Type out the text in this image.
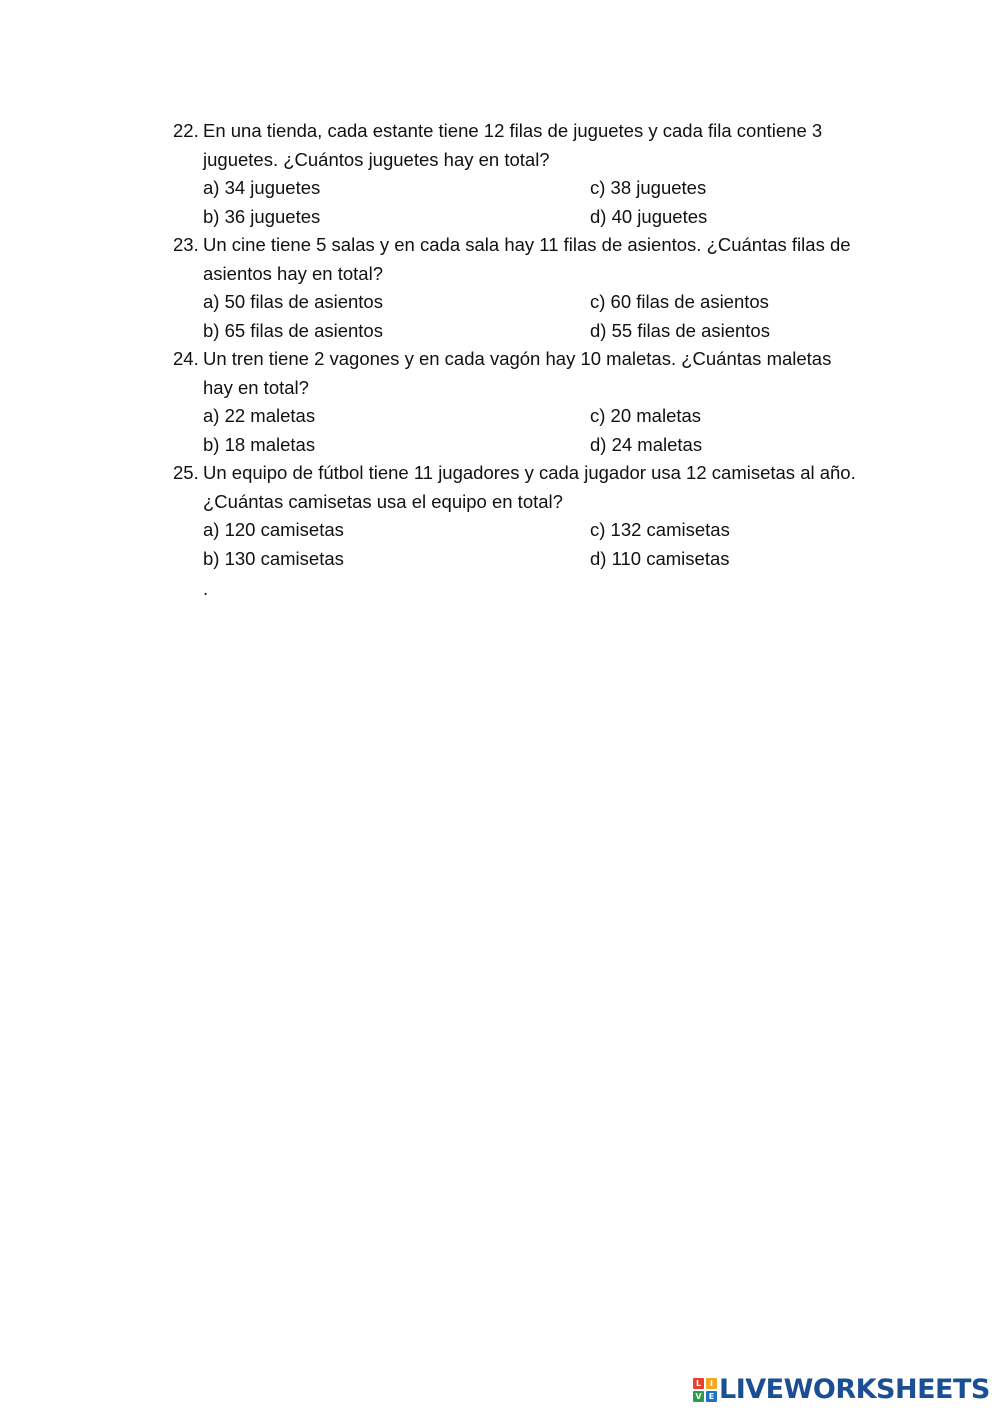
22. En una tienda, cada estante tiene 12 filas de juguetes y cada fila contiene 3 juguetes. ¿Cuántos juguetes hay en total?
a) 34 juguetes	c) 38 juguetes
b) 36 juguetes	d) 40 juguetes
23. Un cine tiene 5 salas y en cada sala hay 11 filas de asientos. ¿Cuántas filas de asientos hay en total?
a) 50 filas de asientos	c) 60 filas de asientos
b) 65 filas de asientos	d) 55 filas de asientos
24. Un tren tiene 2 vagones y en cada vagón hay 10 maletas. ¿Cuántas maletas hay en total?
a) 22 maletas	c) 20 maletas
b) 18 maletas	d) 24 maletas
25. Un equipo de fútbol tiene 11 jugadores y cada jugador usa 12 camisetas al año. ¿Cuántas camisetas usa el equipo en total?
a) 120 camisetas	c) 132 camisetas
b) 130 camisetas	d) 110 camisetas
.
L	I
V E LIVEWORKSHEETS
